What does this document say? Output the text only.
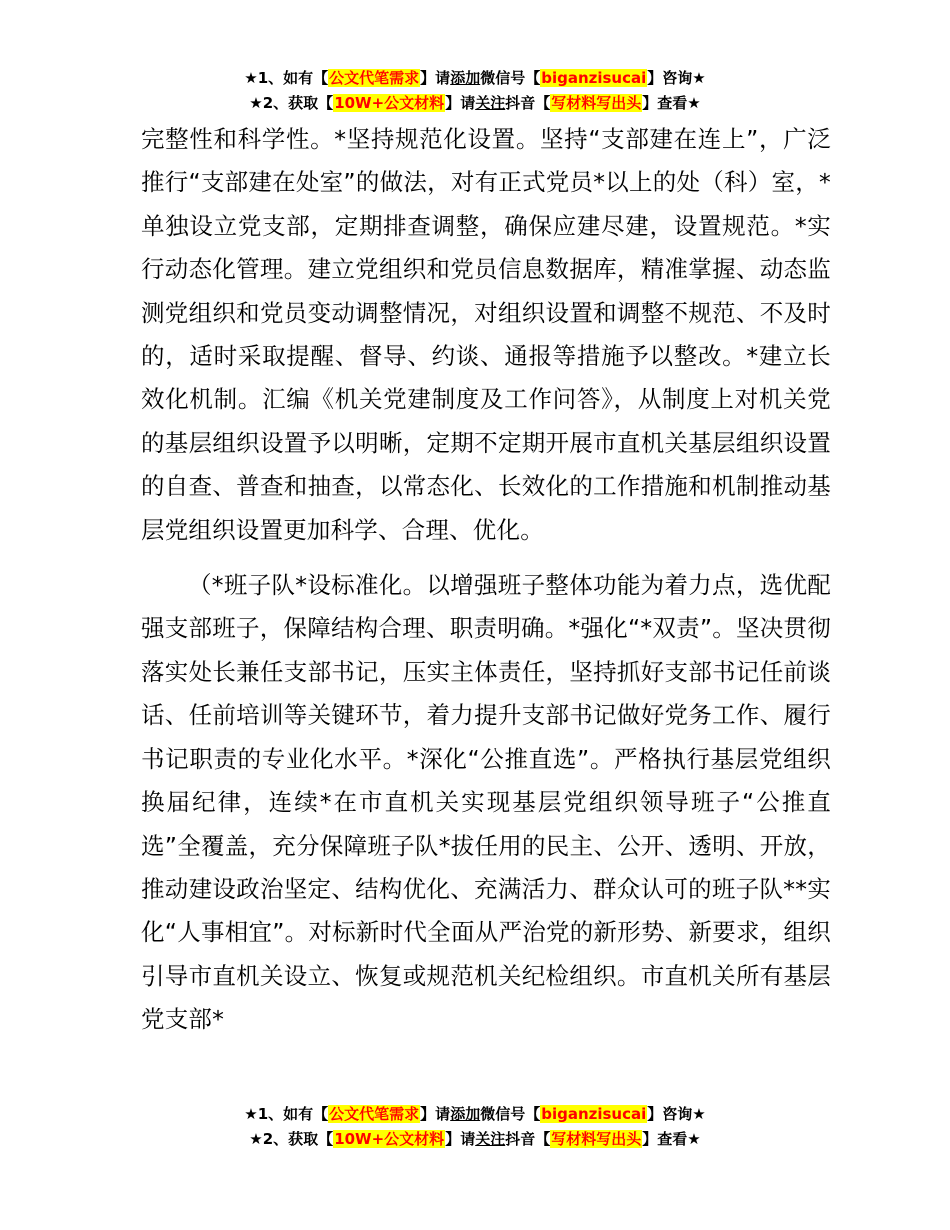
★1、如有【公文代笔需求】请添加微信号【biganzisucai】咨询★
★2、获取【10W+公文材料】请关注抖音【写材料写出头】查看★

完整性和科学性。*坚持规范化设置。坚持“支部建在连上”，广泛推行“支部建在处室”的做法，对有正式党员*以上的处（科）室，*单独设立党支部，定期排查调整，确保应建尽建，设置规范。*实行动态化管理。建立党组织和党员信息数据库，精准掌握、动态监测党组织和党员变动调整情况，对组织设置和调整不规范、不及时的，适时采取提醒、督导、约谈、通报等措施予以整改。*建立长效化机制。汇编《机关党建制度及工作问答》，从制度上对机关党的基层组织设置予以明晰，定期不定期开展市直机关基层组织设置的自查、普查和抽查，以常态化、长效化的工作措施和机制推动基层党组织设置更加科学、合理、优化。

（*班子队*设标准化。以增强班子整体功能为着力点，选优配强支部班子，保障结构合理、职责明确。*强化“*双责”。坚决贯彻落实处长兼任支部书记，压实主体责任，坚持抓好支部书记任前谈话、任前培训等关键环节，着力提升支部书记做好党务工作、履行书记职责的专业化水平。*深化“公推直选”。严格执行基层党组织换届纪律，连续*在市直机关实现基层党组织领导班子“公推直选”全覆盖，充分保障班子队*拔任用的民主、公开、透明、开放，推动建设政治坚定、结构优化、充满活力、群众认可的班子队**实化“人事相宜”。对标新时代全面从严治党的新形势、新要求，组织引导市直机关设立、恢复或规范机关纪检组织。市直机关所有基层党支部*

★1、如有【公文代笔需求】请添加微信号【biganzisucai】咨询★
★2、获取【10W+公文材料】请关注抖音【写材料写出头】查看★
